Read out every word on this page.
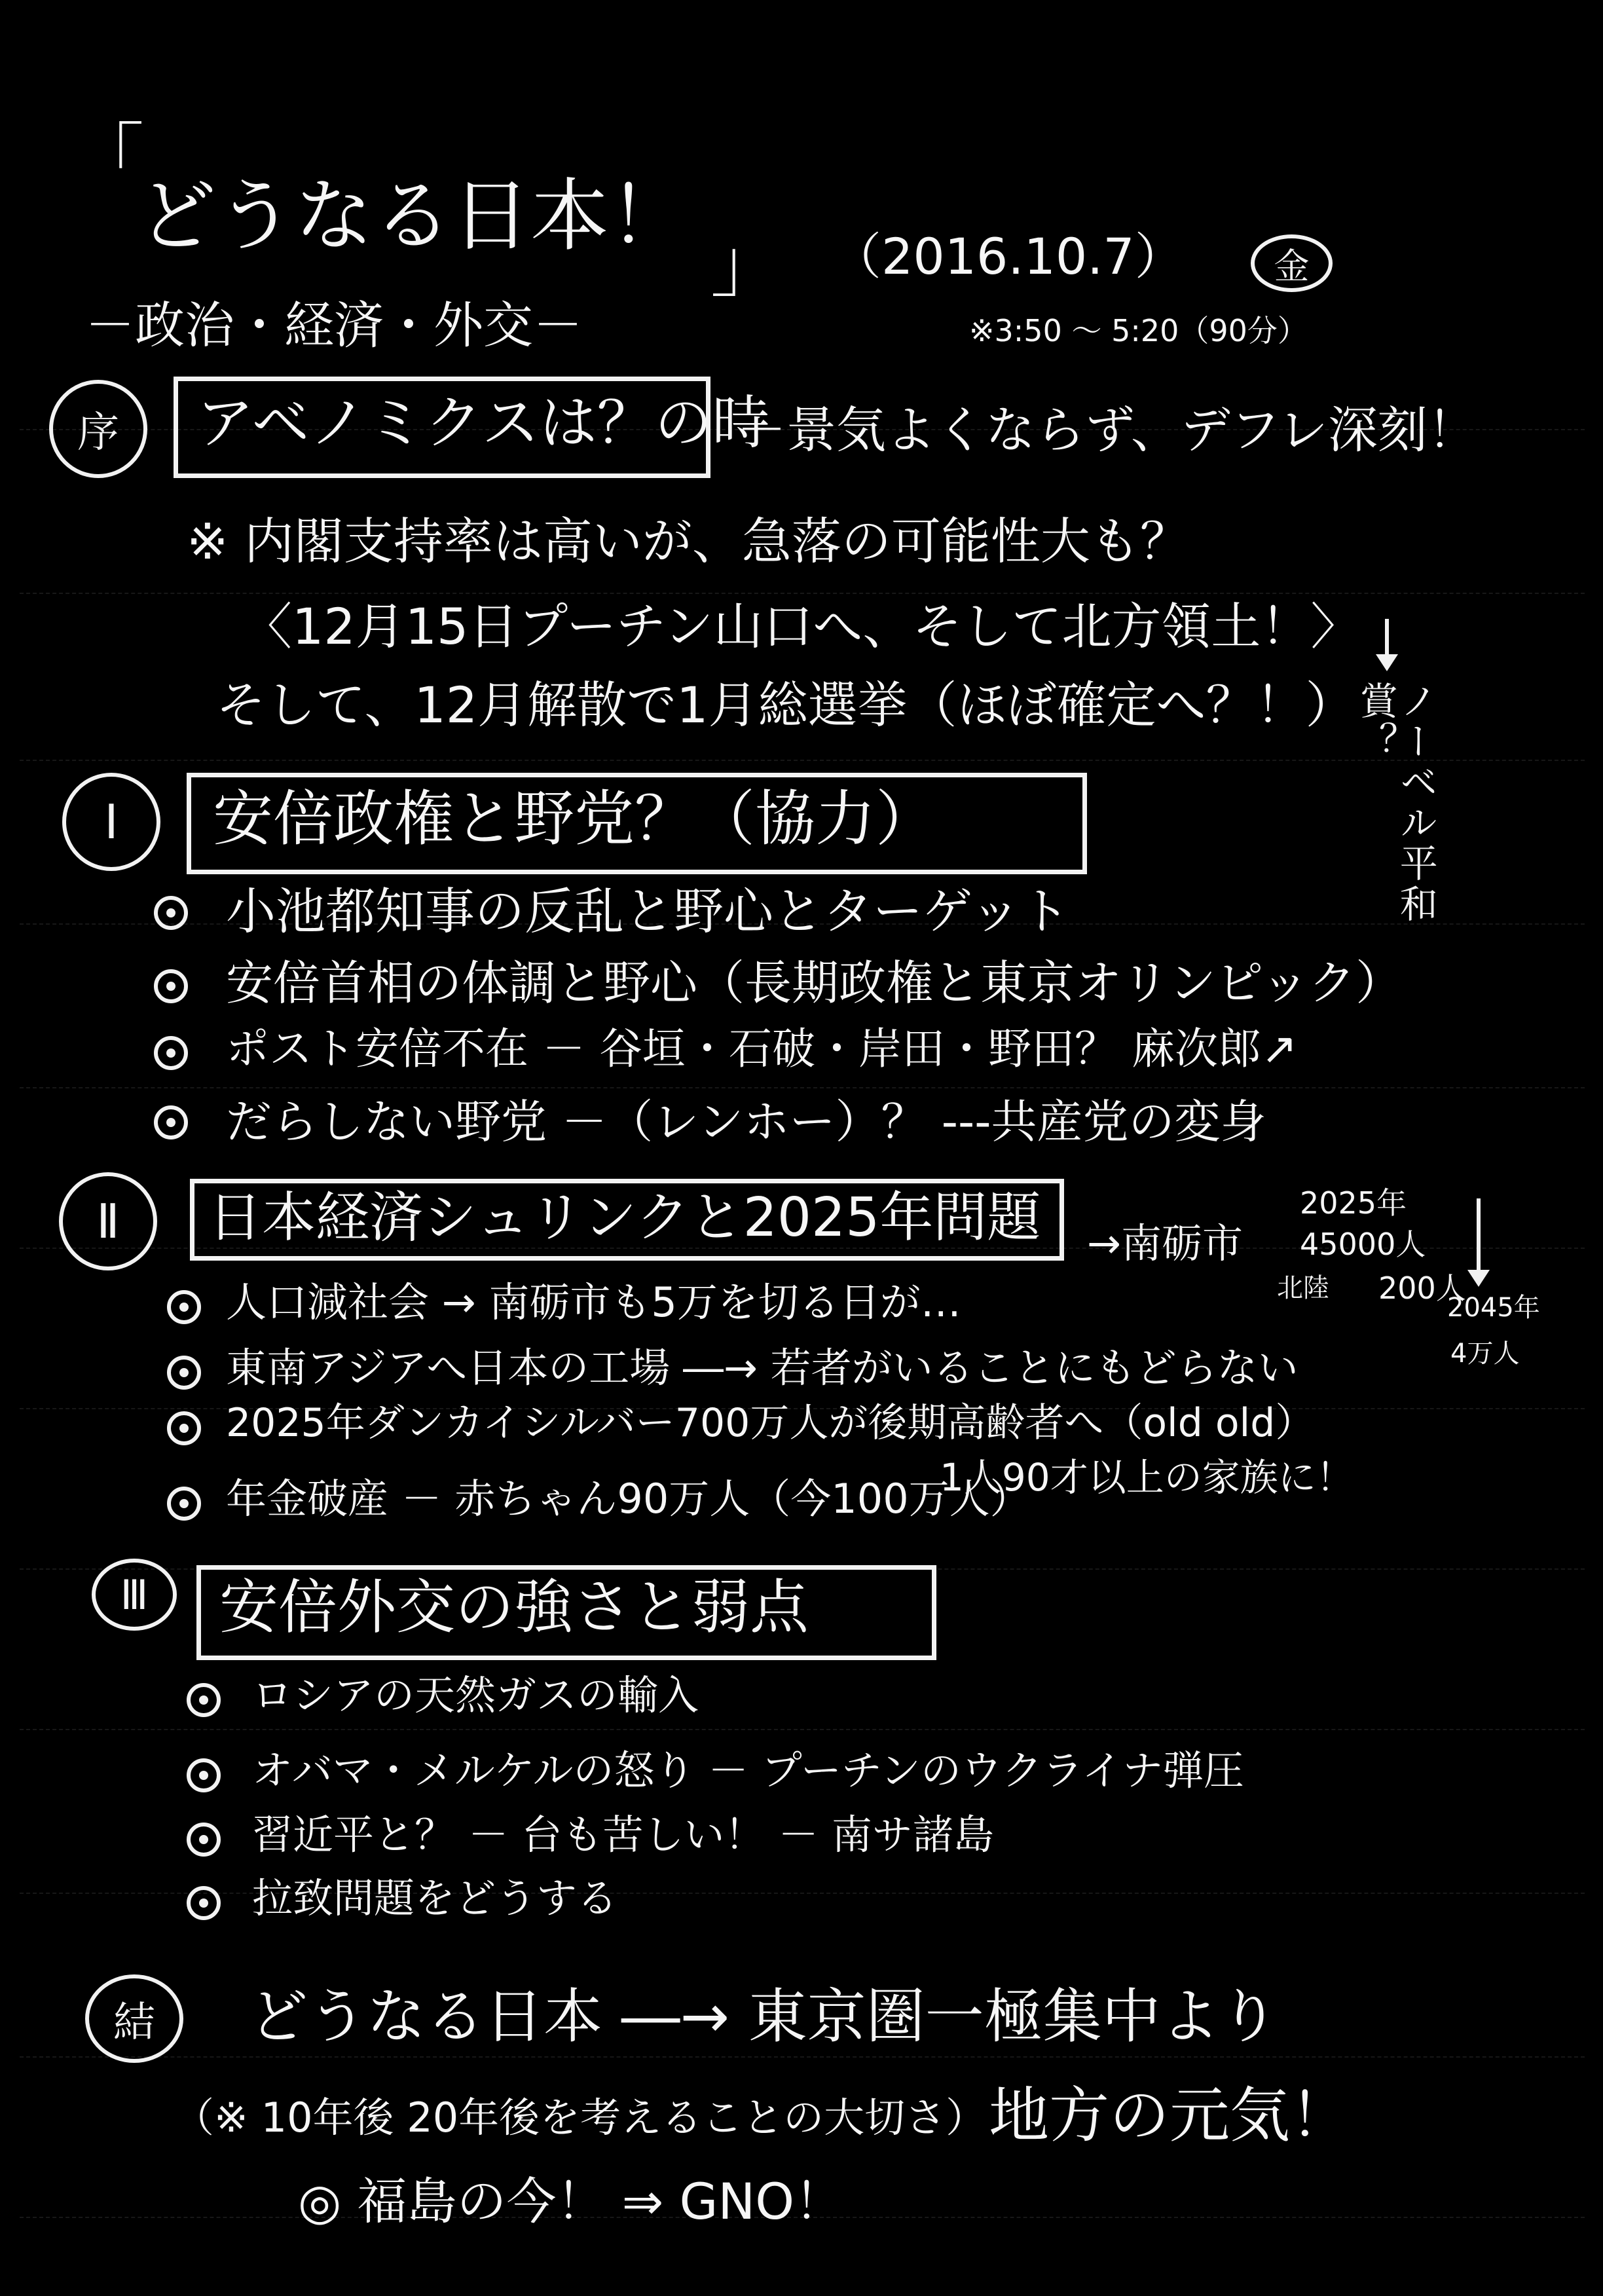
「
どうなる日本！
」 （2016.10.7）	金
－政治・経済・外交－	※3:50 〜 5:20（90分）
序 アベノミクスは？の時
－景気よくならず、デフレ深刻！
※ 内閣支持率は高いが、急落の可能性大も？
〈12月15日プーチン山口へ、そして北方領土！〉
そして、12月解散で1月総選挙（ほぼ確定へ？！）	ノーベル平和賞？
Ⅰ 安倍政権と野党？（協力）
小池都知事の反乱と野心とターゲット
安倍首相の体調と野心（長期政権と東京オリンピック）
ポスト安倍不在 － 谷垣・石破・岸田・野田？ 麻次郎↗
だらしない野党 －（レンホー）？ ---共産党の変身
Ⅱ 日本経済シュリンクと2025年問題 →南砺市
2025年
45000人
北陸 200人
2045年
4万人
人口減社会 → 南砺市も5万を切る日が…
東南アジアへ日本の工場 ―→ 若者がいることにもどらない
2025年ダンカイシルバー700万人が後期高齢者へ（old old）
1人90才以上の家族に！
年金破産 － 赤ちゃん90万人（今100万人）
Ⅲ 安倍外交の強さと弱点
ロシアの天然ガスの輸入
オバマ・メルケルの怒り － プーチンのウクライナ弾圧
習近平と？ － 台も苦しい！ － 南サ諸島
拉致問題をどうする
結 どうなる日本 ―→ 東京圏一極集中より
（※ 10年後 20年後を考えることの大切さ） 地方の元気！
◎ 福島の今！ ⇒ GNO！
